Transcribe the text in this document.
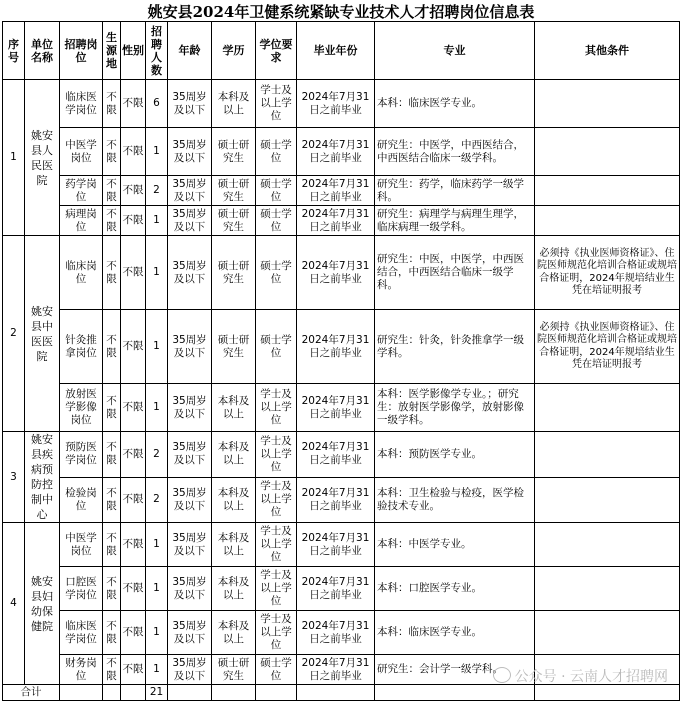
姚安县2024年卫健系统紧缺专业技术人才招聘岗位信息表
序号	单位名称	招聘岗位	生源地	性别	招聘人数	年龄	学历	学位要求	毕业年份	专业	其他条件
1	姚安县人民医院	临床医学岗位	不限	不限	6	35周岁及以下	本科及以上	学士及以上学位	2024年7月31日之前毕业	本科：临床医学专业。	
		中医学岗位	不限	不限	1	35周岁及以下	硕士研究生	硕士学位	2024年7月31日之前毕业	研究生：中医学，中西医结合，中西医结合临床一级学科。	
		药学岗位	不限	不限	2	35周岁及以下	硕士研究生	硕士学位	2024年7月31日之前毕业	研究生：药学，临床药学一级学科。	
		病理岗位	不限	不限	1	35周岁及以下	硕士研究生	硕士学位	2024年7月31日之前毕业	研究生：病理学与病理生理学，临床病理一级学科。	
2	姚安县中医医院	临床岗位	不限	不限	1	35周岁及以下	硕士研究生	硕士学位	2024年7月31日之前毕业	研究生：中医，中医学，中西医结合，中西医结合临床一级学科。	必须持《执业医师资格证》、住院医师规范化培训合格证或规培合格证明，2024年规培结业生凭在培证明报考
		针灸推拿岗位	不限	不限	1	35周岁及以下	硕士研究生	硕士学位	2024年7月31日之前毕业	研究生：针灸，针灸推拿学一级学科。	必须持《执业医师资格证》、住院医师规范化培训合格证或规培合格证明，2024年规培结业生凭在培证明报考
		放射医学影像岗位	不限	不限	1	35周岁及以下	本科及以上	学士及以上学位	2024年7月31日之前毕业	本科：医学影像学专业。；研究生：放射医学影像学，放射影像一级学科。	
3	姚安县疾病预防控制中心	预防医学岗位	不限	不限	2	35周岁及以下	本科及以上	学士及以上学位	2024年7月31日之前毕业	本科：预防医学专业。	
		检验岗位	不限	不限	2	35周岁及以下	本科及以上	学士及以上学位	2024年7月31日之前毕业	本科：卫生检验与检疫，医学检验技术专业。	
4	姚安县妇幼保健院	中医学岗位	不限	不限	1	35周岁及以下	本科及以上	学士及以上学位	2024年7月31日之前毕业	本科：中医学专业。	
		口腔医学岗位	不限	不限	1	35周岁及以下	本科及以上	学士及以上学位	2024年7月31日之前毕业	本科：口腔医学专业。	
		临床医学岗位	不限	不限	1	35周岁及以下	本科及以上	学士及以上学位	2024年7月31日之前毕业	本科：临床医学专业。	
		财务岗位	不限	不限	1	35周岁及以下	硕士研究生	硕士学位	2024年7月31日之前毕业	研究生：会计学一级学科。	
合计					21						
公众号 · 云南人才招聘网
